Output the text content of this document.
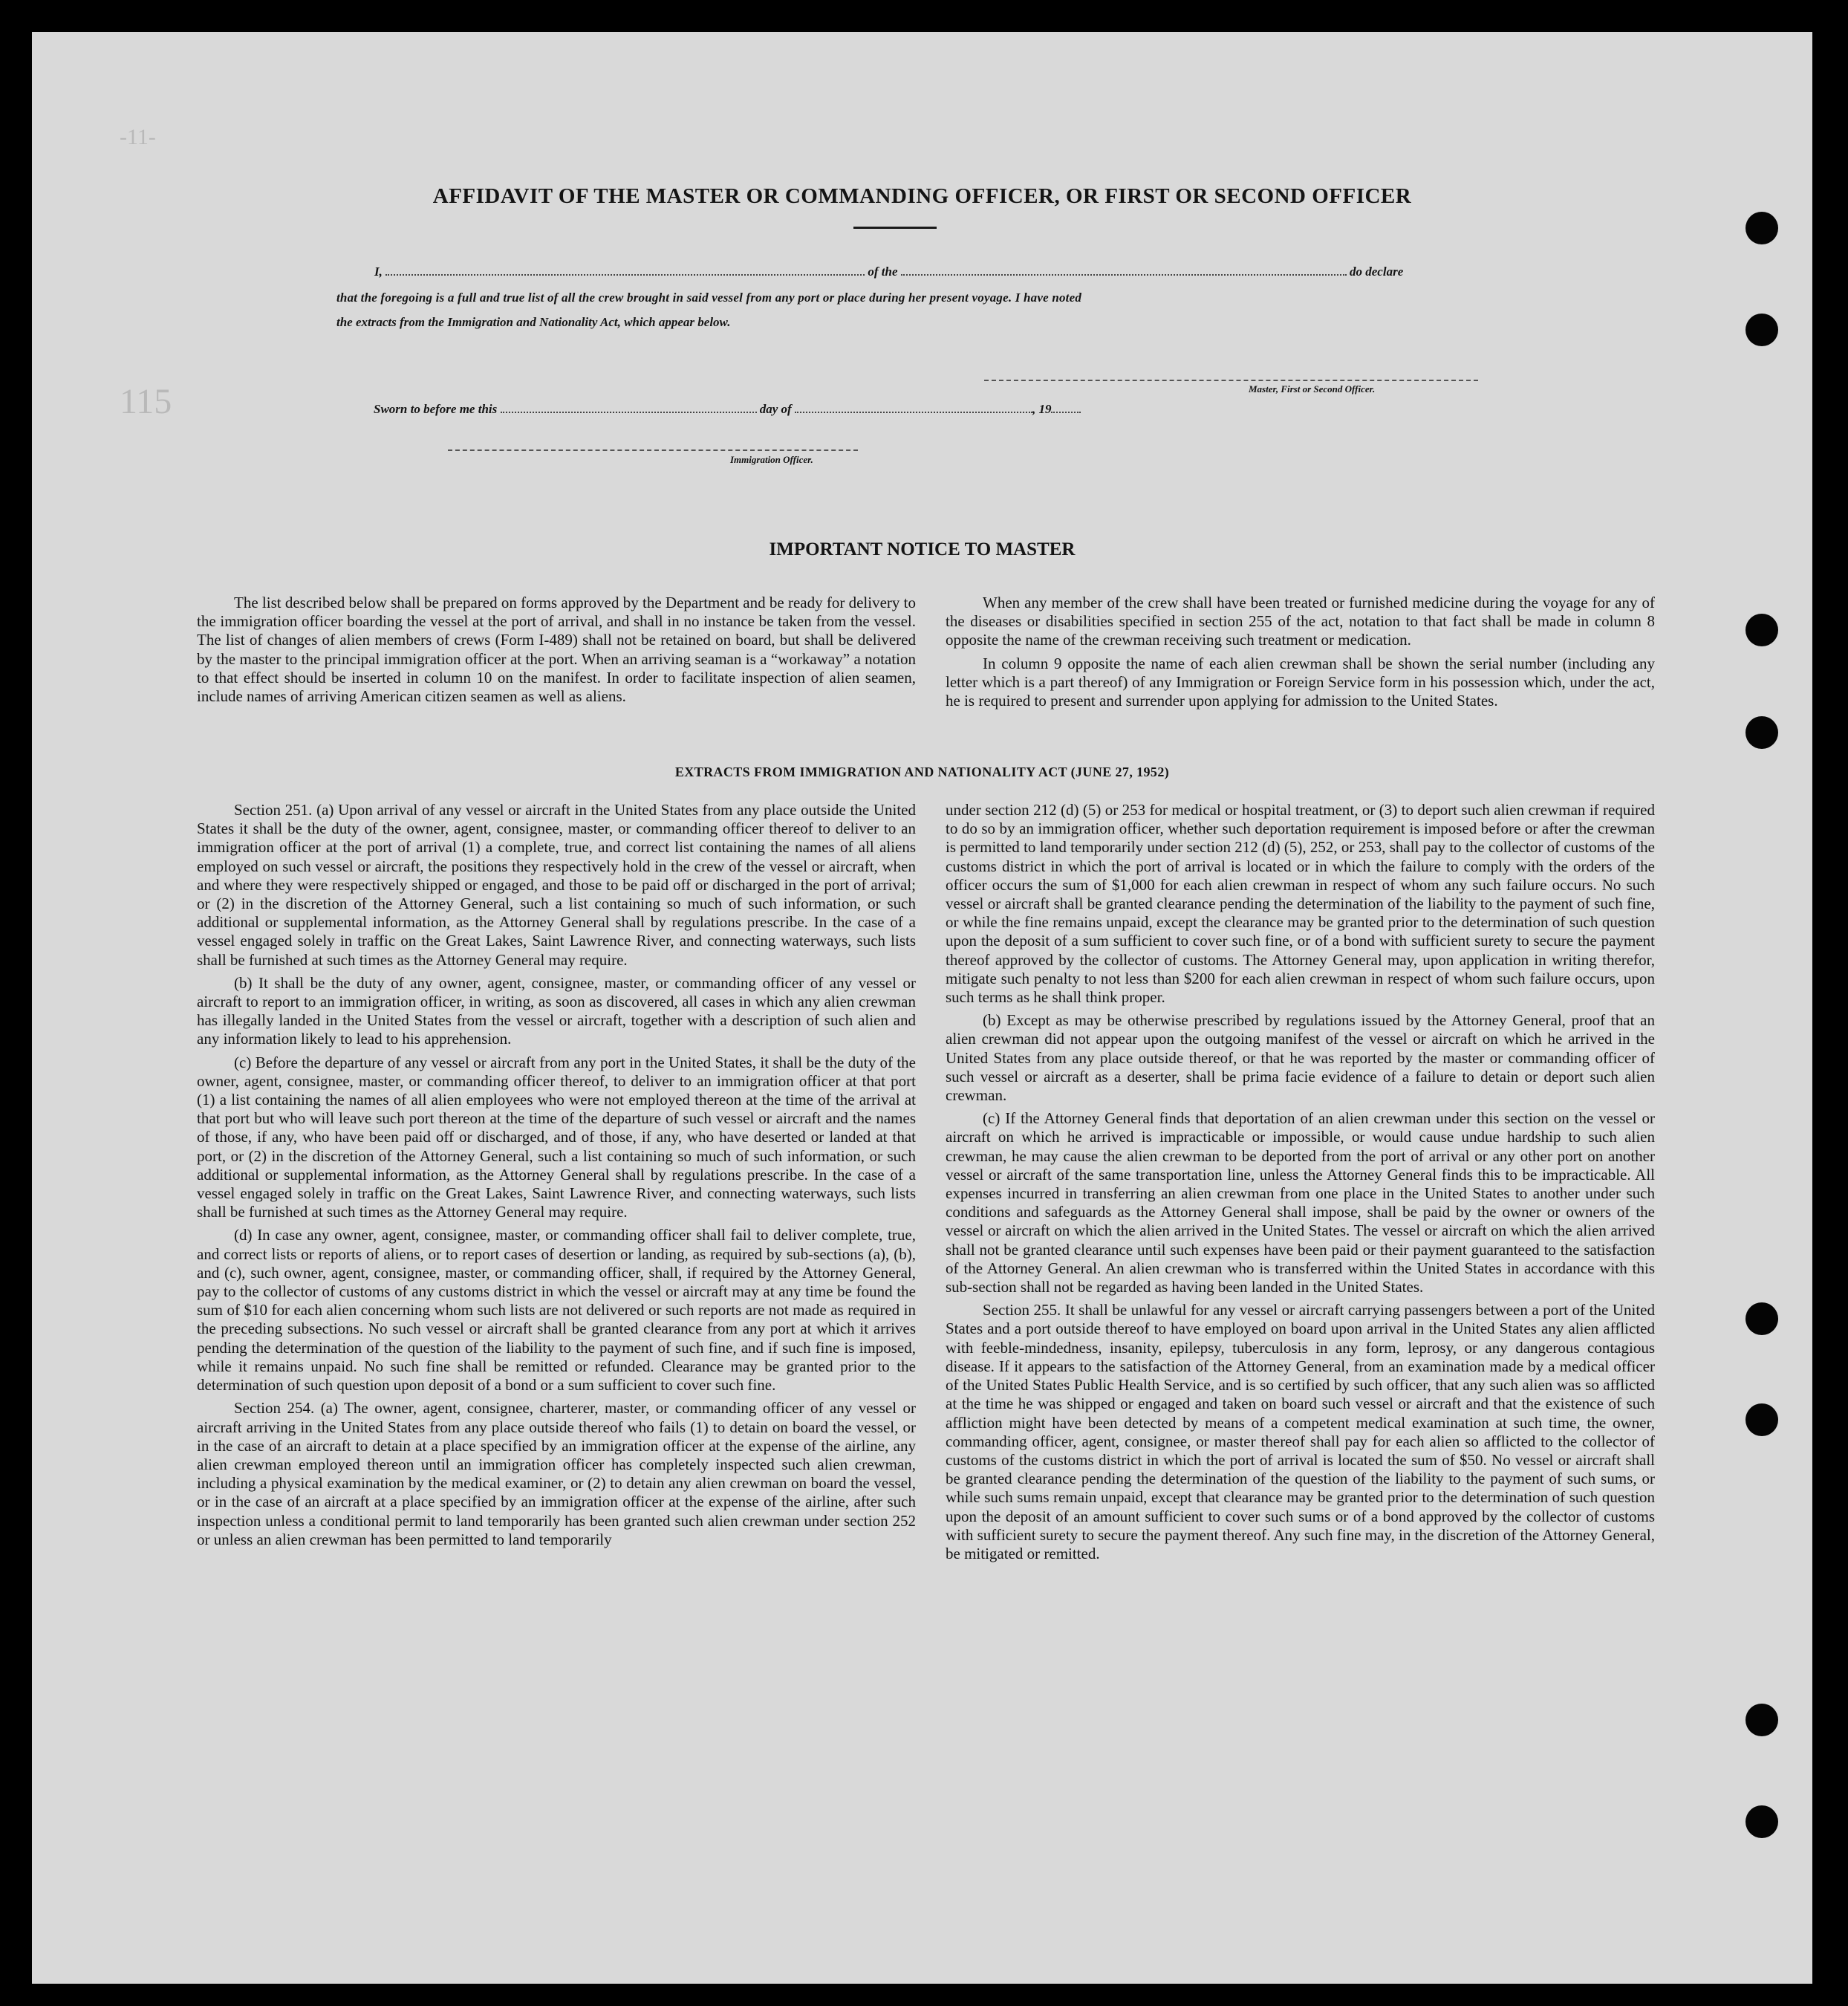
-11-
115
AFFIDAVIT OF THE MASTER OR COMMANDING OFFICER, OR FIRST OR SECOND OFFICER
I,	of the	do declare
that the foregoing is a full and true list of all the crew brought in said vessel from any port or place during her present voyage. I have noted
the extracts from the Immigration and Nationality Act, which appear below.
Master, First or Second Officer.
Sworn to before me this	day of	, 19
Immigration Officer.
IMPORTANT NOTICE TO MASTER

The list described below shall be prepared on forms approved by the Department and be ready for delivery to the immigration officer boarding the vessel at the port of arrival, and shall in no instance be taken from the vessel. The list of changes of alien members of crews (Form I-489) shall not be retained on board, but shall be delivered by the master to the principal immigration officer at the port. When an arriving seaman is a “workaway” a notation to that effect should be inserted in column 10 on the manifest. In order to facilitate inspection of alien seamen, include names of arriving American citizen seamen as well as aliens.

When any member of the crew shall have been treated or furnished medicine during the voyage for any of the diseases or disabilities specified in section 255 of the act, notation to that fact shall be made in column 8 opposite the name of the crewman receiving such treatment or medication.

In column 9 opposite the name of each alien crewman shall be shown the serial number (including any letter which is a part thereof) of any Immigration or Foreign Service form in his possession which, under the act, he is required to present and surrender upon applying for admission to the United States.

EXTRACTS FROM IMMIGRATION AND NATIONALITY ACT (JUNE 27, 1952)

Section 251. (a) Upon arrival of any vessel or aircraft in the United States from any place outside the United States it shall be the duty of the owner, agent, consignee, master, or commanding officer thereof to deliver to an immigration officer at the port of arrival (1) a complete, true, and correct list containing the names of all aliens employed on such vessel or aircraft, the positions they respectively hold in the crew of the vessel or aircraft, when and where they were respectively shipped or engaged, and those to be paid off or discharged in the port of arrival; or (2) in the discretion of the Attorney General, such a list containing so much of such information, or such additional or supplemental information, as the Attorney General shall by regulations prescribe. In the case of a vessel engaged solely in traffic on the Great Lakes, Saint Lawrence River, and connecting waterways, such lists shall be furnished at such times as the Attorney General may require.

(b) It shall be the duty of any owner, agent, consignee, master, or commanding officer of any vessel or aircraft to report to an immigration officer, in writing, as soon as discovered, all cases in which any alien crewman has illegally landed in the United States from the vessel or aircraft, together with a description of such alien and any information likely to lead to his apprehension.

(c) Before the departure of any vessel or aircraft from any port in the United States, it shall be the duty of the owner, agent, consignee, master, or commanding officer thereof, to deliver to an immigration officer at that port (1) a list containing the names of all alien employees who were not employed thereon at the time of the arrival at that port but who will leave such port thereon at the time of the departure of such vessel or aircraft and the names of those, if any, who have been paid off or discharged, and of those, if any, who have deserted or landed at that port, or (2) in the discretion of the Attorney General, such a list containing so much of such information, or such additional or supplemental information, as the Attorney General shall by regulations prescribe. In the case of a vessel engaged solely in traffic on the Great Lakes, Saint Lawrence River, and connecting waterways, such lists shall be furnished at such times as the Attorney General may require.

(d) In case any owner, agent, consignee, master, or commanding officer shall fail to deliver complete, true, and correct lists or reports of aliens, or to report cases of desertion or landing, as required by sub-sections (a), (b), and (c), such owner, agent, consignee, master, or commanding officer, shall, if required by the Attorney General, pay to the collector of customs of any customs district in which the vessel or aircraft may at any time be found the sum of $10 for each alien concerning whom such lists are not delivered or such reports are not made as required in the preceding subsections. No such vessel or aircraft shall be granted clearance from any port at which it arrives pending the determination of the question of the liability to the payment of such fine, and if such fine is imposed, while it remains unpaid. No such fine shall be remitted or refunded. Clearance may be granted prior to the determination of such question upon deposit of a bond or a sum sufficient to cover such fine.

Section 254. (a) The owner, agent, consignee, charterer, master, or commanding officer of any vessel or aircraft arriving in the United States from any place outside thereof who fails (1) to detain on board the vessel, or in the case of an aircraft to detain at a place specified by an immigration officer at the expense of the airline, any alien crewman employed thereon until an immigration officer has completely inspected such alien crewman, including a physical examination by the medical examiner, or (2) to detain any alien crewman on board the vessel, or in the case of an aircraft at a place specified by an immigration officer at the expense of the airline, after such inspection unless a conditional permit to land temporarily has been granted such alien crewman under section 252 or unless an alien crewman has been permitted to land temporarily

under section 212 (d) (5) or 253 for medical or hospital treatment, or (3) to deport such alien crewman if required to do so by an immigration officer, whether such deportation requirement is imposed before or after the crewman is permitted to land temporarily under section 212 (d) (5), 252, or 253, shall pay to the collector of customs of the customs district in which the port of arrival is located or in which the failure to comply with the orders of the officer occurs the sum of $1,000 for each alien crewman in respect of whom any such failure occurs. No such vessel or aircraft shall be granted clearance pending the determination of the liability to the payment of such fine, or while the fine remains unpaid, except the clearance may be granted prior to the determination of such question upon the deposit of a sum sufficient to cover such fine, or of a bond with sufficient surety to secure the payment thereof approved by the collector of customs. The Attorney General may, upon application in writing therefor, mitigate such penalty to not less than $200 for each alien crewman in respect of whom such failure occurs, upon such terms as he shall think proper.

(b) Except as may be otherwise prescribed by regulations issued by the Attorney General, proof that an alien crewman did not appear upon the outgoing manifest of the vessel or aircraft on which he arrived in the United States from any place outside thereof, or that he was reported by the master or commanding officer of such vessel or aircraft as a deserter, shall be prima facie evidence of a failure to detain or deport such alien crewman.

(c) If the Attorney General finds that deportation of an alien crewman under this section on the vessel or aircraft on which he arrived is impracticable or impossible, or would cause undue hardship to such alien crewman, he may cause the alien crewman to be deported from the port of arrival or any other port on another vessel or aircraft of the same transportation line, unless the Attorney General finds this to be impracticable. All expenses incurred in transferring an alien crewman from one place in the United States to another under such conditions and safeguards as the Attorney General shall impose, shall be paid by the owner or owners of the vessel or aircraft on which the alien arrived in the United States. The vessel or aircraft on which the alien arrived shall not be granted clearance until such expenses have been paid or their payment guaranteed to the satisfaction of the Attorney General. An alien crewman who is transferred within the United States in accordance with this sub-section shall not be regarded as having been landed in the United States.

Section 255. It shall be unlawful for any vessel or aircraft carrying passengers between a port of the United States and a port outside thereof to have employed on board upon arrival in the United States any alien afflicted with feeble-mindedness, insanity, epilepsy, tuberculosis in any form, leprosy, or any dangerous contagious disease. If it appears to the satisfaction of the Attorney General, from an examination made by a medical officer of the United States Public Health Service, and is so certified by such officer, that any such alien was so afflicted at the time he was shipped or engaged and taken on board such vessel or aircraft and that the existence of such affliction might have been detected by means of a competent medical examination at such time, the owner, commanding officer, agent, consignee, or master thereof shall pay for each alien so afflicted to the collector of customs of the customs district in which the port of arrival is located the sum of $50. No vessel or aircraft shall be granted clearance pending the determination of the question of the liability to the payment of such sums, or while such sums remain unpaid, except that clearance may be granted prior to the determination of such question upon the deposit of an amount sufficient to cover such sums or of a bond approved by the collector of customs with sufficient surety to secure the payment thereof. Any such fine may, in the discretion of the Attorney General, be mitigated or remitted.
